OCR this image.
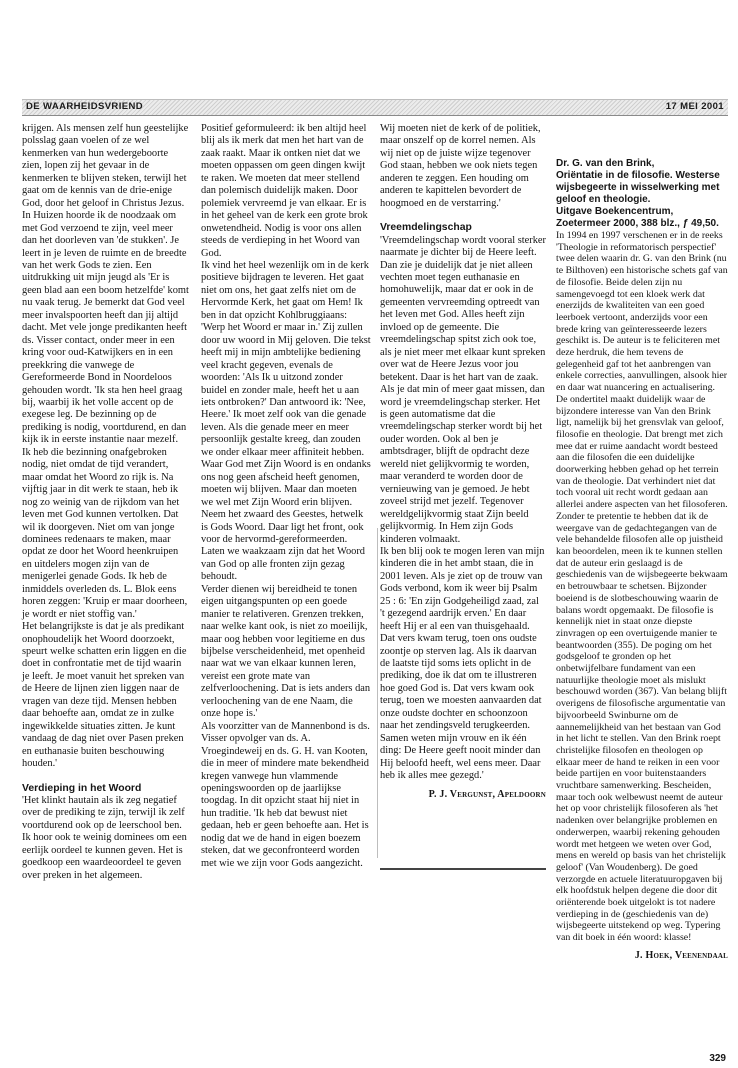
DE WAARHEIDSVRIEND	17 MEI 2001

krijgen. Als mensen zelf hun geestelijke polsslag gaan voelen of ze wel kenmerken van hun wedergeboorte zien, lopen zij het gevaar in de kenmerken te blijven steken, terwijl het gaat om de kennis van de drie-enige God, door het geloof in Christus Jezus. In Huizen hoorde ik de noodzaak om met God verzoend te zijn, veel meer dan het doorleven van 'de stukken'. Je leert in je leven de ruimte en de breedte van het werk Gods te zien. Een uitdrukking uit mijn jeugd als 'Er is geen blad aan een boom hetzelfde' komt nu vaak terug. Je bemerkt dat God veel meer invalspoorten heeft dan jij altijd dacht. Met vele jonge predikanten heeft ds. Visser contact, onder meer in een kring voor oud-Katwijkers en in een preekkring die vanwege de Gereformeerde Bond in Noordeloos gehouden wordt. 'Ik sta hen heel graag bij, waarbij ik het volle accent op de exegese leg. De bezinning op de prediking is nodig, voortdurend, en dan kijk ik in eerste instantie naar mezelf. Ik heb die bezinning onafgebroken nodig, niet omdat de tijd verandert, maar omdat het Woord zo rijk is. Na vijftig jaar in dit werk te staan, heb ik nog zo weinig van de rijkdom van het leven met God kunnen vertolken. Dat wil ik doorgeven. Niet om van jonge dominees redenaars te maken, maar opdat ze door het Woord heenkruipen en uitdelers mogen zijn van de menigerlei genade Gods. Ik heb de inmiddels overleden ds. L. Blok eens horen zeggen: 'Kruip er maar doorheen, je wordt er niet stoffig van.'

Het belangrijkste is dat je als predikant onophoudelijk het Woord doorzoekt, speurt welke schatten erin liggen en die doet in confrontatie met de tijd waarin je leeft. Je moet vanuit het spreken van de Heere de lijnen zien liggen naar de vragen van deze tijd. Mensen hebben daar behoefte aan, omdat ze in zulke ingewikkelde situaties zitten. Je kunt vandaag de dag niet over Pasen preken en euthanasie buiten beschouwing houden.'

Verdieping in het Woord

'Het klinkt hautain als ik zeg negatief over de prediking te zijn, terwijl ik zelf voortdurend ook op de leerschool ben. Ik hoor ook te weinig dominees om een eerlijk oordeel te kunnen geven. Het is goedkoop een waardeoordeel te geven over preken in het algemeen.

Positief geformuleerd: ik ben altijd heel blij als ik merk dat men het hart van de zaak raakt. Maar ik ontken niet dat we moeten oppassen om geen dingen kwijt te raken. We moeten dat meer stellend dan polemisch duidelijk maken. Door polemiek vervreemd je van elkaar. Er is in het geheel van de kerk een grote brok onwetendheid. Nodig is voor ons allen steeds de verdieping in het Woord van God.

Ik vind het heel wezenlijk om in de kerk positieve bijdragen te leveren. Het gaat niet om ons, het gaat zelfs niet om de Hervormde Kerk, het gaat om Hem! Ik ben in dat opzicht Kohlbruggiaans: 'Werp het Woord er maar in.' Zij zullen door uw woord in Mij geloven. Die tekst heeft mij in mijn ambtelijke bediening veel kracht gegeven, evenals de woorden: 'Als Ik u uitzond zonder buidel en zonder male, heeft het u aan iets ontbroken?' Dan antwoord ik: 'Nee, Heere.' Ik moet zelf ook van die genade leven. Als die genade meer en meer persoonlijk gestalte kreeg, dan zouden we onder elkaar meer affiniteit hebben. Waar God met Zijn Woord is en ondanks ons nog geen afscheid heeft genomen, moeten wij blijven. Maar dan moeten we wel met Zijn Woord erin blijven. Neem het zwaard des Geestes, hetwelk is Gods Woord. Daar ligt het front, ook voor de hervormd-gereformeerden. Laten we waakzaam zijn dat het Woord van God op alle fronten zijn gezag behoudt.

Verder dienen wij bereidheid te tonen eigen uitgangspunten op een goede manier te relativeren. Grenzen trekken, naar welke kant ook, is niet zo moeilijk, maar oog hebben voor legitieme en dus bijbelse verscheidenheid, met openheid naar wat we van elkaar kunnen leren, vereist een grote mate van zelfverloochening. Dat is iets anders dan verloochening van de ene Naam, die onze hope is.'

Als voorzitter van de Mannenbond is ds. Visser opvolger van ds. A. Vroegindeweij en ds. G. H. van Kooten, die in meer of mindere mate bekendheid kregen vanwege hun vlammende openingswoorden op de jaarlijkse toogdag. In dit opzicht staat hij niet in hun traditie. 'Ik heb dat bewust niet gedaan, heb er geen behoefte aan. Het is nodig dat we de hand in eigen boezem steken, dat we geconfronteerd worden met wie we zijn voor Gods aangezicht.

Wij moeten niet de kerk of de politiek, maar onszelf op de korrel nemen. Als wij niet op de juiste wijze tegenover God staan, hebben we ook niets tegen anderen te zeggen. Een houding om anderen te kapittelen bevordert de hoogmoed en de verstarring.'

Vreemdelingschap

'Vreemdelingschap wordt vooral sterker naarmate je dichter bij de Heere leeft. Dan zie je duidelijk dat je niet alleen vechten moet tegen euthanasie en homohuwelijk, maar dat er ook in de gemeenten vervreemding optreedt van het leven met God. Alles heeft zijn invloed op de gemeente. Die vreemdelingschap spitst zich ook toe, als je niet meer met elkaar kunt spreken over wat de Heere Jezus voor jou betekent. Daar is het hart van de zaak. Als je dat min of meer gaat missen, dan word je vreemdelingschap sterker. Het is geen automatisme dat die vreemdelingschap sterker wordt bij het ouder worden. Ook al ben je ambtsdrager, blijft de opdracht deze wereld niet gelijkvormig te worden, maar veranderd te worden door de vernieuwing van je gemoed. Je hebt zoveel strijd met jezelf. Tegenover wereldgelijkvormig staat Zijn beeld gelijkvormig. In Hem zijn Gods kinderen volmaakt.

Ik ben blij ook te mogen leren van mijn kinderen die in het ambt staan, die in 2001 leven. Als je ziet op de trouw van Gods verbond, kom ik weer bij Psalm 25 : 6: 'En zijn Godgeheiligd zaad, zal 't gezegend aardrijk erven.' En daar heeft Hij er al een van thuisgehaald. Dat vers kwam terug, toen ons oudste zoontje op sterven lag. Als ik daarvan de laatste tijd soms iets oplicht in de prediking, doe ik dat om te illustreren hoe goed God is. Dat vers kwam ook terug, toen we moesten aanvaarden dat onze oudste dochter en schoonzoon naar het zendingsveld terugkeerden. Samen weten mijn vrouw en ik één ding: De Heere geeft nooit minder dan Hij beloofd heeft, wel eens meer. Daar heb ik alles mee gezegd.'

P. J. Vergunst, Apeldoorn

Dr. G. van den Brink,

Oriëntatie in de filosofie. Westerse wijsbegeerte in wisselwerking met geloof en theologie.

Uitgave Boekencentrum, Zoetermeer 2000, 388 blz., ƒ 49,50.

In 1994 en 1997 verschenen er in de reeks 'Theologie in reformatorisch perspectief' twee delen waarin dr. G. van den Brink (nu te Bilthoven) een historische schets gaf van de filosofie. Beide delen zijn nu samengevoegd tot een kloek werk dat enerzijds de kwaliteiten van een goed leerboek vertoont, anderzijds voor een brede kring van geïnteresseerde lezers geschikt is. De auteur is te feliciteren met deze herdruk, die hem tevens de gelegenheid gaf tot het aanbrengen van enkele correcties, aanvullingen, alsook hier en daar wat nuancering en actualisering. De ondertitel maakt duidelijk waar de bijzondere interesse van Van den Brink ligt, namelijk bij het grensvlak van geloof, filosofie en theologie. Dat brengt met zich mee dat er ruime aandacht wordt besteed aan die filosofen die een duidelijke doorwerking hebben gehad op het terrein van de theologie. Dat verhindert niet dat toch vooral uit recht wordt gedaan aan allerlei andere aspecten van het filosoferen. Zonder te pretentie te hebben dat ik de weergave van de gedachtegangen van de vele behandelde filosofen alle op juistheid kan beoordelen, meen ik te kunnen stellen dat de auteur erin geslaagd is de geschiedenis van de wijsbegeerte bekwaam en betrouwbaar te schetsen. Bijzonder boeiend is de slotbeschouwing waarin de balans wordt opgemaakt. De filosofie is kennelijk niet in staat onze diepste zinvragen op een overtuigende manier te beantwoorden (355). De poging om het godsgeloof te gronden op het onbetwijfelbare fundament van een natuurlijke theologie moet als mislukt beschouwd worden (367). Van belang blijft overigens de filosofische argumentatie van bijvoorbeeld Swinburne om de aannemelijkheid van het bestaan van God in het licht te stellen. Van den Brink roept christelijke filosofen en theologen op elkaar meer de hand te reiken in een voor beide partijen en voor buitenstaanders vruchtbare samenwerking. Bescheiden, maar toch ook welbewust neemt de auteur het op voor christelijk filosoferen als 'het nadenken over belangrijke problemen en onderwerpen, waarbij rekening gehouden wordt met hetgeen we weten over God, mens en wereld op basis van het christelijk geloof' (Van Woudenberg). De goed verzorgde en actuele literatuuropgaven bij elk hoofdstuk helpen degene die door dit oriënterende boek uitgelokt is tot nadere verdieping in de (geschiedenis van de) wijsbegeerte uitstekend op weg. Typering van dit boek in één woord: klasse!

J. Hoek, Veenendaal

329
